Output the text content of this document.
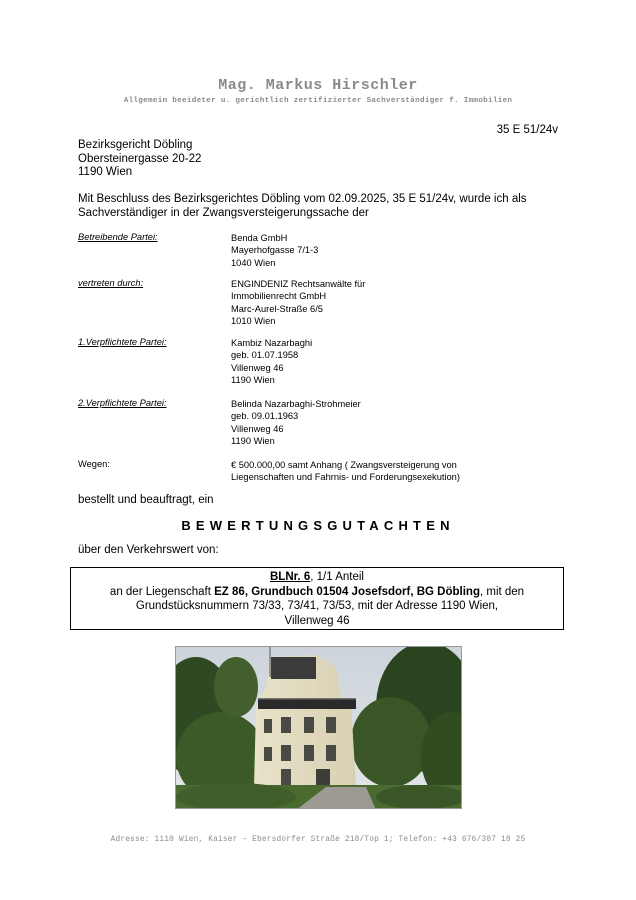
Mag. Markus Hirschler
Allgemein beeideter u. gerichtlich zertifizierter Sachverständiger f. Immobilien
35 E 51/24v
Bezirksgericht Döbling
Obersteinergasse 20-22
1190 Wien
Mit Beschluss des Bezirksgerichtes Döbling vom 02.09.2025, 35 E 51/24v, wurde ich als Sachverständiger in der Zwangsversteigerungssache der
Betreibende Partei:	Benda GmbH
Mayerhofgasse 7/1-3
1040 Wien
vertreten durch:	ENGINDENIZ Rechtsanwälte für
Immobilienrecht GmbH
Marc-Aurel-Straße 6/5
1010 Wien
1.Verpflichtete Partei:	Kambiz Nazarbaghi
geb. 01.07.1958
Villenweg 46
1190 Wien
2.Verpflichtete Partei:	Belinda Nazarbaghi-Strohmeier
geb. 09.01.1963
Villenweg 46
1190 Wien
Wegen:	€ 500.000,00 samt Anhang ( Zwangsversteigerung von
Liegenschaften und Fahrnis- und Forderungsexekution)
bestellt und beauftragt, ein
BEWERTUNGSGUTACHTEN
über den Verkehrswert von:
BLNr. 6, 1/1 Anteil
an der Liegenschaft EZ 86, Grundbuch 01504 Josefsdorf, BG Döbling, mit den
Grundstücksnummern 73/33, 73/41, 73/53, mit der Adresse 1190 Wien,
Villenweg 46
Adresse: 1110 Wien, Kaiser – Ebersdorfer Straße 218/Top 1; Telefon: +43 676/307 18 25
